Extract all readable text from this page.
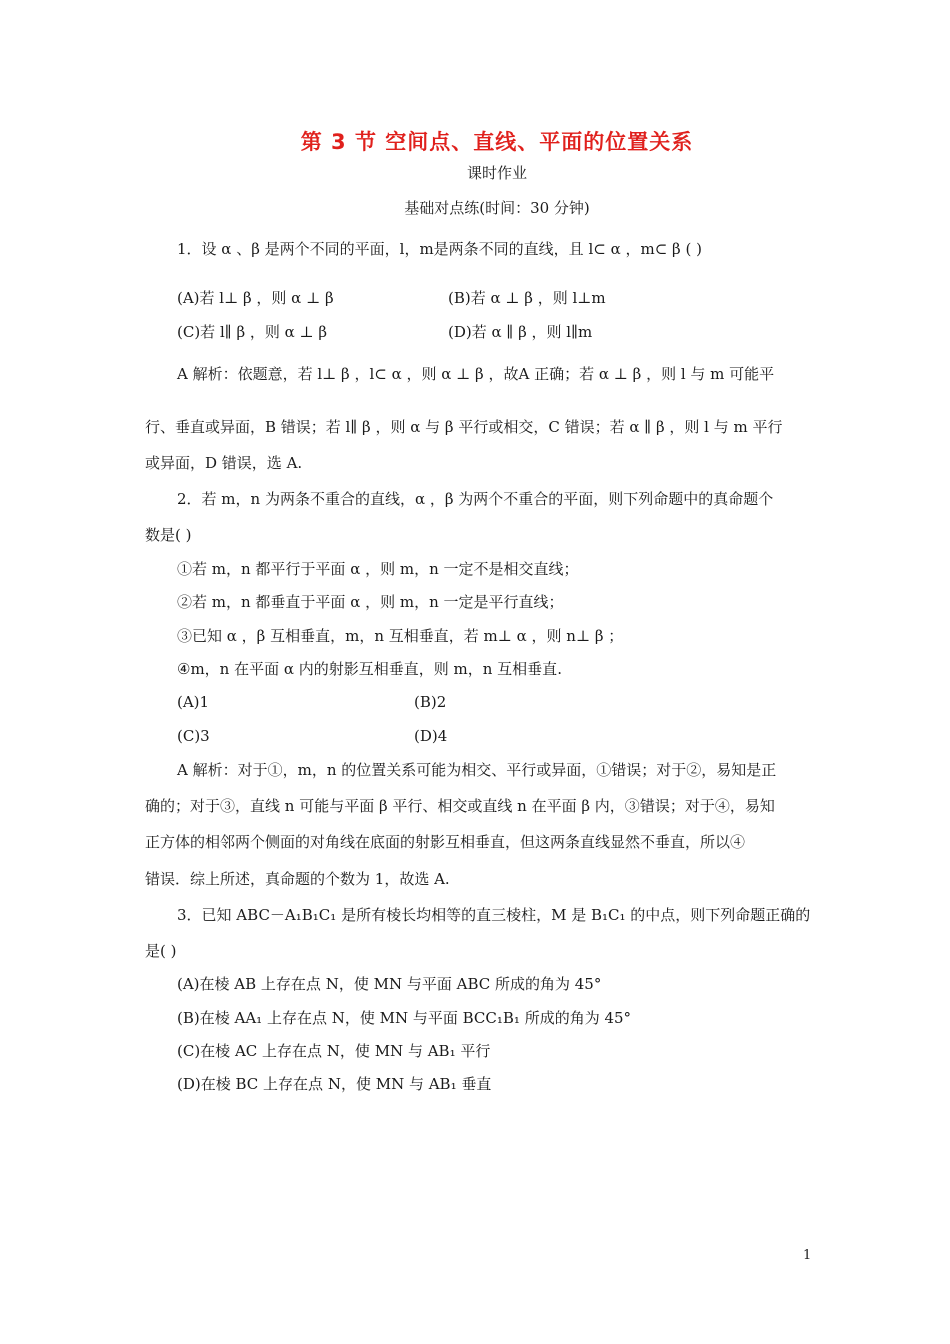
第 3 节 空间点、直线、平面的位置关系
课时作业
基础对点练(时间：30 分钟)
1．设 α 、β 是两个不同的平面，l，m是两条不同的直线，且 l⊂ α ，m⊂ β ( )
(A)若 l⊥ β ，则 α ⊥ β	(B)若 α ⊥ β ，则 l⊥m
(C)若 l∥ β ，则 α ⊥ β	(D)若 α ∥ β ，则 l∥m
A 解析：依题意，若 l⊥ β ，l⊂ α ，则 α ⊥ β ，故A 正确；若 α ⊥ β ，则 l 与 m 可能平
行、垂直或异面，B 错误；若 l∥ β ，则 α 与 β 平行或相交，C 错误；若 α ∥ β ，则 l 与 m 平行
或异面，D 错误，选 A.
2．若 m，n 为两条不重合的直线，α ，β 为两个不重合的平面，则下列命题中的真命题个
数是( )
①若 m，n 都平行于平面 α ，则 m，n 一定不是相交直线；
②若 m，n 都垂直于平面 α ，则 m，n 一定是平行直线；
③已知 α ，β 互相垂直，m，n 互相垂直，若 m⊥ α ，则 n⊥ β ；
④m，n 在平面 α 内的射影互相垂直，则 m，n 互相垂直.
(A)1	(B)2
(C)3	(D)4
A 解析：对于①，m，n 的位置关系可能为相交、平行或异面，①错误；对于②，易知是正
确的；对于③，直线 n 可能与平面 β 平行、相交或直线 n 在平面 β 内，③错误；对于④，易知
正方体的相邻两个侧面的对角线在底面的射影互相垂直，但这两条直线显然不垂直，所以④
错误．综上所述，真命题的个数为 1，故选 A.
3．已知 ABC－A₁B₁C₁ 是所有棱长均相等的直三棱柱，M 是 B₁C₁ 的中点，则下列命题正确的
是( )
(A)在棱 AB 上存在点 N，使 MN 与平面 ABC 所成的角为 45°
(B)在棱 AA₁ 上存在点 N，使 MN 与平面 BCC₁B₁ 所成的角为 45°
(C)在棱 AC 上存在点 N，使 MN 与 AB₁ 平行
(D)在棱 BC 上存在点 N，使 MN 与 AB₁ 垂直
1
